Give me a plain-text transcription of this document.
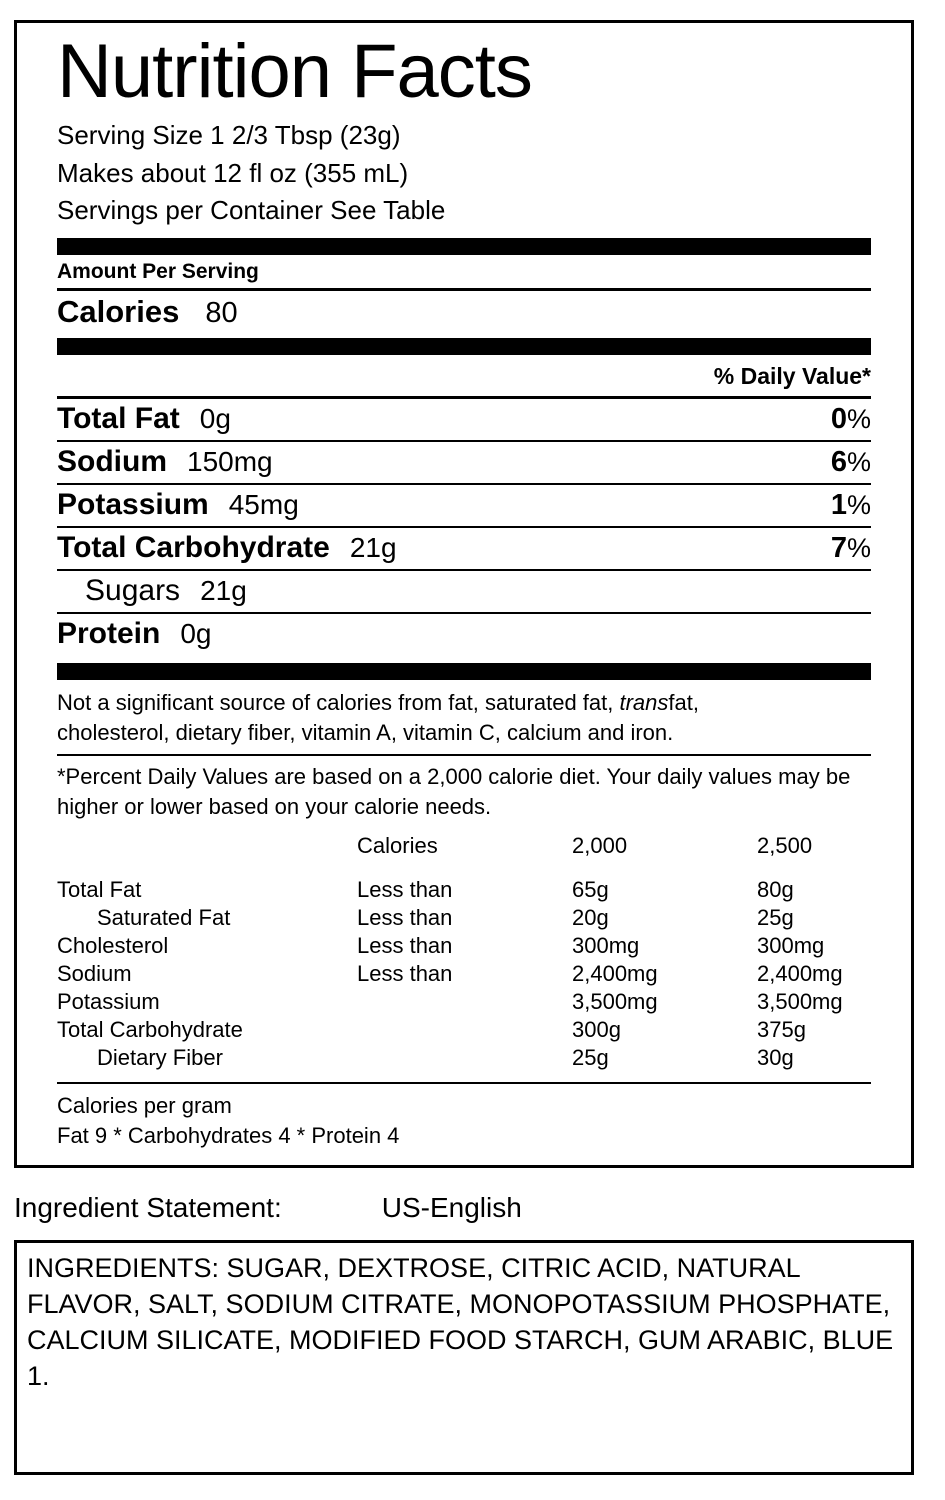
Nutrition Facts
Serving Size 1 2/3 Tbsp (23g)
Makes about 12 fl oz (355 mL)
Servings per Container See Table
Amount Per Serving
Calories 80
% Daily Value*
Total Fat 0g	0%
Sodium 150mg	6%
Potassium 45mg	1%
Total Carbohydrate 21g	7%
Sugars 21g
Protein 0g
Not a significant source of calories from fat, saturated fat, transfat,
cholesterol, dietary fiber, vitamin A, vitamin C, calcium and iron.
*Percent Daily Values are based on a 2,000 calorie diet. Your daily values may be higher or lower based on your calorie needs.
	Calories	2,000	2,500
Total Fat	Less than	65g	80g
Saturated Fat	Less than	20g	25g
Cholesterol	Less than	300mg	300mg
Sodium	Less than	2,400mg	2,400mg
Potassium		3,500mg	3,500mg
Total Carbohydrate		300g	375g
Dietary Fiber		25g	30g
Calories per gram
Fat 9 * Carbohydrates 4 * Protein 4
Ingredient Statement:	US-English
INGREDIENTS: SUGAR, DEXTROSE, CITRIC ACID, NATURAL FLAVOR, SALT, SODIUM CITRATE, MONOPOTASSIUM PHOSPHATE, CALCIUM SILICATE, MODIFIED FOOD STARCH, GUM ARABIC, BLUE 1.
